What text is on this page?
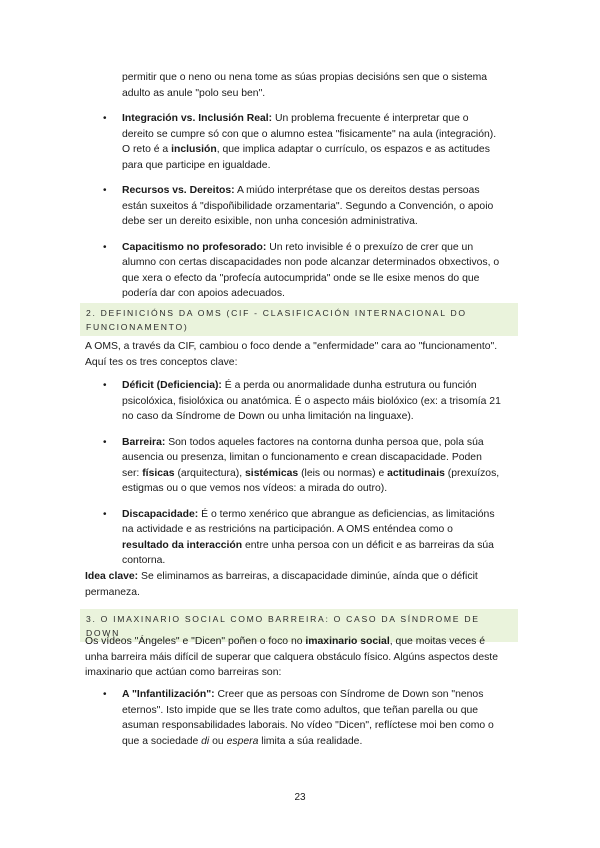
permitir que o neno ou nena tome as súas propias decisións sen que o sistema adulto as anule "polo seu ben".

• Integración vs. Inclusión Real: Un problema frecuente é interpretar que o dereito se cumpre só con que o alumno estea "fisicamente" na aula (integración). O reto é a inclusión, que implica adaptar o currículo, os espazos e as actitudes para que participe en igualdade.
• Recursos vs. Dereitos: A miúdo interprétase que os dereitos destas persoas están suxeitos á "dispoñibilidade orzamentaria". Segundo a Convención, o apoio debe ser un dereito esixible, non unha concesión administrativa.
• Capacitismo no profesorado: Un reto invisible é o prexuízo de crer que un alumno con certas discapacidades non pode alcanzar determinados obxectivos, o que xera o efecto da "profecía autocumprida" onde se lle esixe menos do que podería dar con apoios adecuados.
2. DEFINICIÓNS DA OMS (CIF - CLASIFICACIÓN INTERNACIONAL DO FUNCIONAMENTO)

A OMS, a través da CIF, cambiou o foco dende a "enfermidade" cara ao "funcionamento". Aquí tes os tres conceptos clave:

• Déficit (Deficiencia): É a perda ou anormalidade dunha estrutura ou función psicolóxica, fisiolóxica ou anatómica. É o aspecto máis biolóxico (ex: a trisomía 21 no caso da Síndrome de Down ou unha limitación na linguaxe).
• Barreira: Son todos aqueles factores na contorna dunha persoa que, pola súa ausencia ou presenza, limitan o funcionamento e crean discapacidade. Poden ser: físicas (arquitectura), sistémicas (leis ou normas) e actitudinais (prexuízos, estigmas ou o que vemos nos vídeos: a mirada do outro).
• Discapacidade: É o termo xenérico que abrangue as deficiencias, as limitacións na actividade e as restricións na participación. A OMS enténdea como o resultado da interacción entre unha persoa con un déficit e as barreiras da súa contorna.

Idea clave: Se eliminamos as barreiras, a discapacidade diminúe, aínda que o déficit permaneza.

3. O IMAXINARIO SOCIAL COMO BARREIRA: O CASO DA SÍNDROME DE DOWN

Os vídeos "Ángeles" e "Dicen" poñen o foco no imaxinario social, que moitas veces é unha barreira máis difícil de superar que calquera obstáculo físico. Algúns aspectos deste imaxinario que actúan como barreiras son:

• A "Infantilización": Creer que as persoas con Síndrome de Down son "nenos eternos". Isto impide que se lles trate como adultos, que teñan parella ou que asuman responsabilidades laborais. No vídeo "Dicen", reflíctese moi ben como o que a sociedade di ou espera limita a súa realidade.
23
